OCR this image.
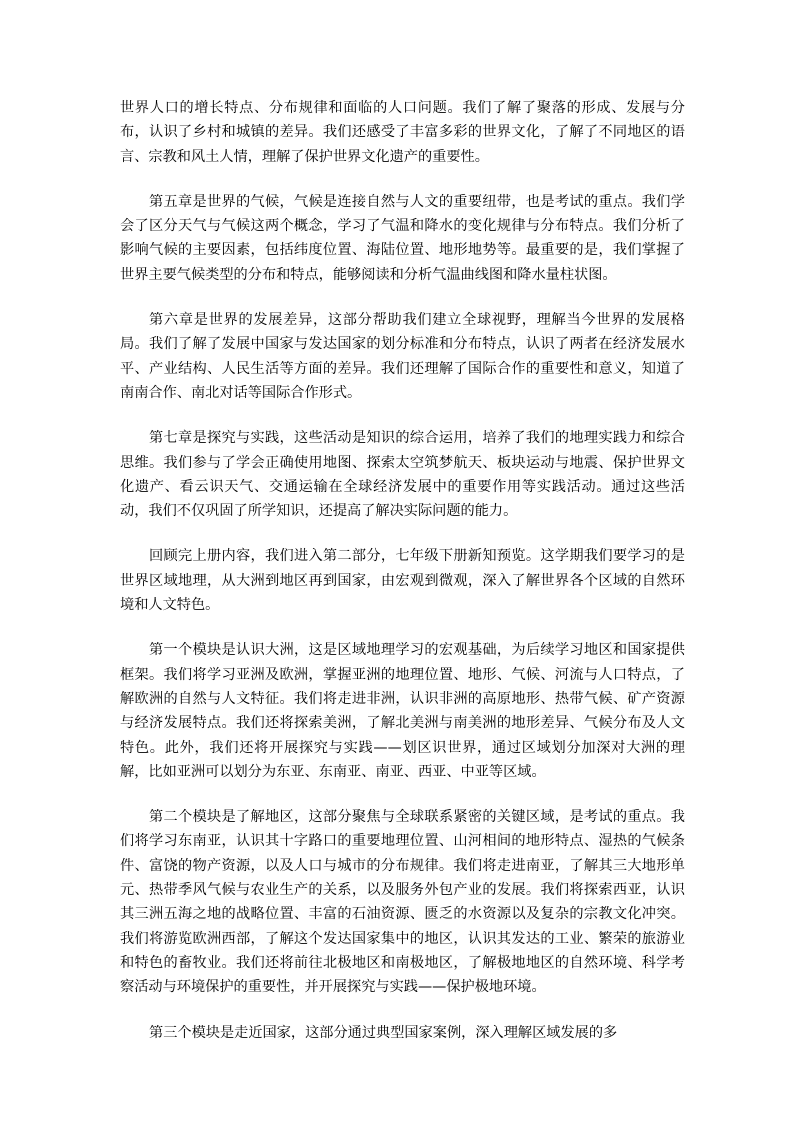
世界人口的增长特点、分布规律和面临的人口问题。我们了解了聚落的形成、发展与分布，认识了乡村和城镇的差异。我们还感受了丰富多彩的世界文化，了解了不同地区的语言、宗教和风土人情，理解了保护世界文化遗产的重要性。

第五章是世界的气候，气候是连接自然与人文的重要纽带，也是考试的重点。我们学会了区分天气与气候这两个概念，学习了气温和降水的变化规律与分布特点。我们分析了影响气候的主要因素，包括纬度位置、海陆位置、地形地势等。最重要的是，我们掌握了世界主要气候类型的分布和特点，能够阅读和分析气温曲线图和降水量柱状图。

第六章是世界的发展差异，这部分帮助我们建立全球视野，理解当今世界的发展格局。我们了解了发展中国家与发达国家的划分标准和分布特点，认识了两者在经济发展水平、产业结构、人民生活等方面的差异。我们还理解了国际合作的重要性和意义，知道了南南合作、南北对话等国际合作形式。

第七章是探究与实践，这些活动是知识的综合运用，培养了我们的地理实践力和综合思维。我们参与了学会正确使用地图、探索太空筑梦航天、板块运动与地震、保护世界文化遗产、看云识天气、交通运输在全球经济发展中的重要作用等实践活动。通过这些活动，我们不仅巩固了所学知识，还提高了解决实际问题的能力。

回顾完上册内容，我们进入第二部分，七年级下册新知预览。这学期我们要学习的是世界区域地理，从大洲到地区再到国家，由宏观到微观，深入了解世界各个区域的自然环境和人文特色。

第一个模块是认识大洲，这是区域地理学习的宏观基础，为后续学习地区和国家提供框架。我们将学习亚洲及欧洲，掌握亚洲的地理位置、地形、气候、河流与人口特点，了解欧洲的自然与人文特征。我们将走进非洲，认识非洲的高原地形、热带气候、矿产资源与经济发展特点。我们还将探索美洲，了解北美洲与南美洲的地形差异、气候分布及人文特色。此外，我们还将开展探究与实践——划区识世界，通过区域划分加深对大洲的理解，比如亚洲可以划分为东亚、东南亚、南亚、西亚、中亚等区域。

第二个模块是了解地区，这部分聚焦与全球联系紧密的关键区域，是考试的重点。我们将学习东南亚，认识其十字路口的重要地理位置、山河相间的地形特点、湿热的气候条件、富饶的物产资源，以及人口与城市的分布规律。我们将走进南亚，了解其三大地形单元、热带季风气候与农业生产的关系，以及服务外包产业的发展。我们将探索西亚，认识其三洲五海之地的战略位置、丰富的石油资源、匮乏的水资源以及复杂的宗教文化冲突。我们将游览欧洲西部，了解这个发达国家集中的地区，认识其发达的工业、繁荣的旅游业和特色的畜牧业。我们还将前往北极地区和南极地区，了解极地地区的自然环境、科学考察活动与环境保护的重要性，并开展探究与实践——保护极地环境。

第三个模块是走近国家，这部分通过典型国家案例，深入理解区域发展的多
